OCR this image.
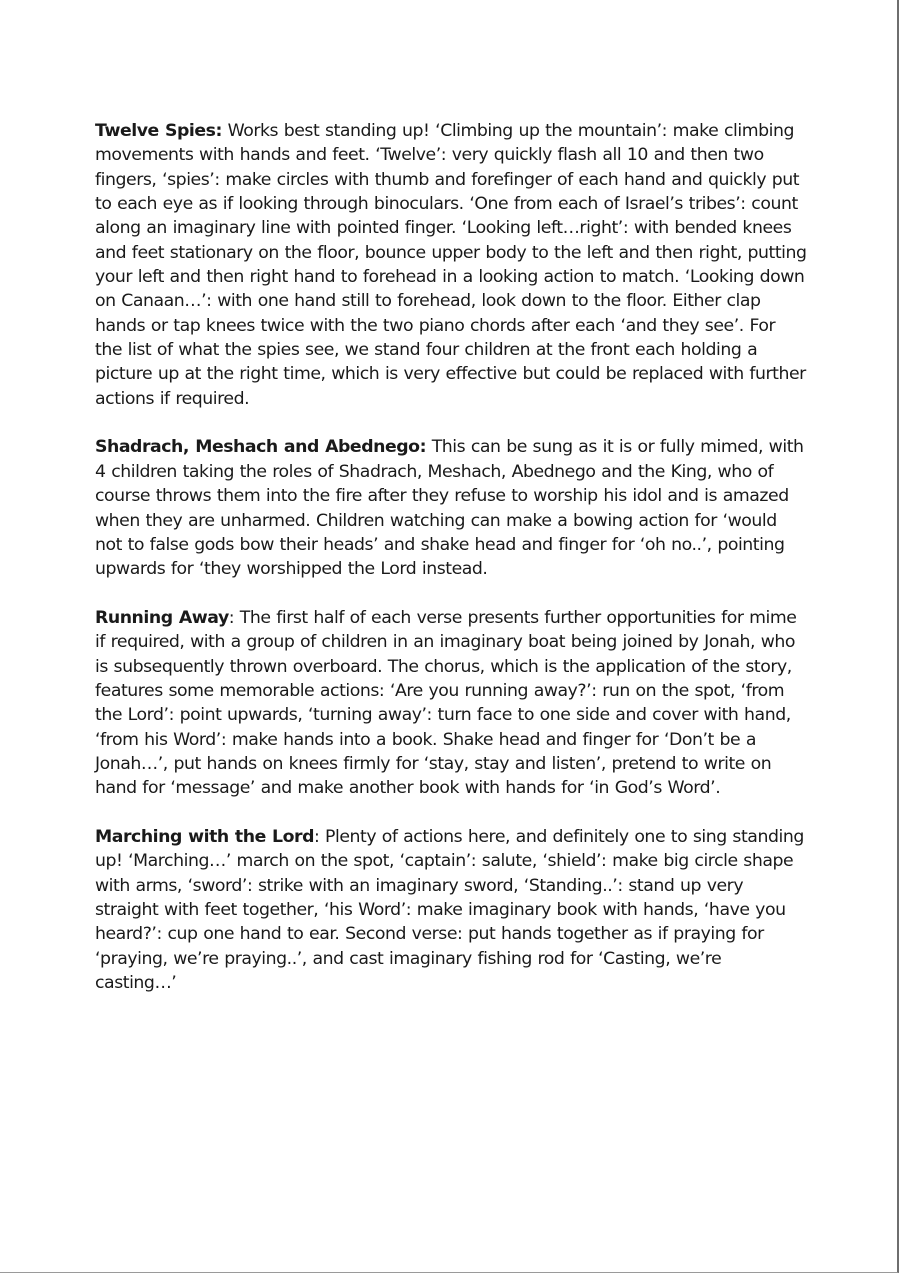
Twelve Spies: Works best standing up! ‘Climbing up the mountain’: make climbing movements with hands and feet. ‘Twelve’: very quickly flash all 10 and then two fingers, ‘spies’: make circles with thumb and forefinger of each hand and quickly put to each eye as if looking through binoculars. ‘One from each of Israel’s tribes’: count along an imaginary line with pointed finger. ‘Looking left…right’: with bended knees and feet stationary on the floor, bounce upper body to the left and then right, putting your left and then right hand to forehead in a looking action to match. ‘Looking down on Canaan…’: with one hand still to forehead, look down to the floor. Either clap hands or tap knees twice with the two piano chords after each ‘and they see’. For the list of what the spies see, we stand four children at the front each holding a picture up at the right time, which is very effective but could be replaced with further actions if required.

Shadrach, Meshach and Abednego: This can be sung as it is or fully mimed, with 4 children taking the roles of Shadrach, Meshach, Abednego and the King, who of course throws them into the fire after they refuse to worship his idol and is amazed when they are unharmed. Children watching can make a bowing action for ‘would not to false gods bow their heads’ and shake head and finger for ‘oh no..’, pointing upwards for ‘they worshipped the Lord instead.

Running Away: The first half of each verse presents further opportunities for mime if required, with a group of children in an imaginary boat being joined by Jonah, who is subsequently thrown overboard. The chorus, which is the application of the story, features some memorable actions: ‘Are you running away?’: run on the spot, ‘from the Lord’: point upwards, ‘turning away’: turn face to one side and cover with hand, ‘from his Word’: make hands into a book. Shake head and finger for ‘Don’t be a Jonah…’, put hands on knees firmly for ‘stay, stay and listen’, pretend to write on hand for ‘message’ and make another book with hands for ‘in God’s Word’.

Marching with the Lord: Plenty of actions here, and definitely one to sing standing up! ‘Marching…’ march on the spot, ‘captain’: salute, ‘shield’: make big circle shape with arms, ‘sword’: strike with an imaginary sword, ‘Standing..’: stand up very straight with feet together, ‘his Word’: make imaginary book with hands, ‘have you heard?’: cup one hand to ear. Second verse: put hands together as if praying for ‘praying, we’re praying..’, and cast imaginary fishing rod for ‘Casting, we’re casting…’
